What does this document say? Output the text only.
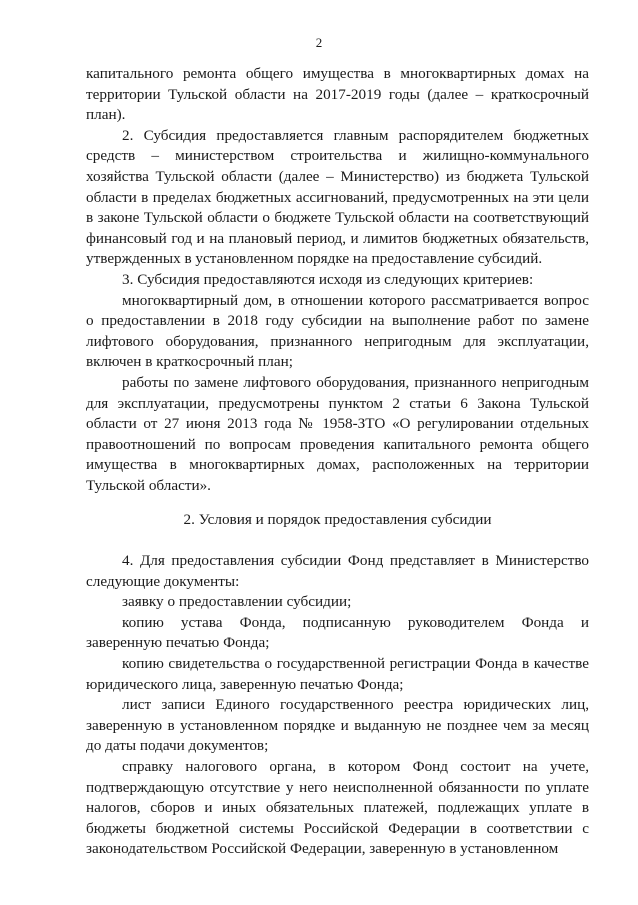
2

капитального ремонта общего имущества в многоквартирных домах на территории Тульской области на 2017-2019 годы (далее – краткосрочный план).

2. Субсидия предоставляется главным распорядителем бюджетных средств – министерством строительства и жилищно-коммунального хозяйства Тульской области (далее – Министерство) из бюджета Тульской области в пределах бюджетных ассигнований, предусмотренных на эти цели в законе Тульской области о бюджете Тульской области на соответствующий финансовый год и на плановый период, и лимитов бюджетных обязательств, утвержденных в установленном порядке на предоставление субсидий.

3. Субсидия предоставляются исходя из следующих критериев:

многоквартирный дом, в отношении которого рассматривается вопрос о предоставлении в 2018 году субсидии на выполнение работ по замене лифтового оборудования, признанного непригодным для эксплуатации, включен в краткосрочный план;

работы по замене лифтового оборудования, признанного непригодным для эксплуатации, предусмотрены пунктом 2 статьи 6 Закона Тульской области от 27 июня 2013 года № 1958-ЗТО «О регулировании отдельных правоотношений по вопросам проведения капитального ремонта общего имущества в многоквартирных домах, расположенных на территории Тульской области».

2. Условия и порядок предоставления субсидии

4. Для предоставления субсидии Фонд представляет в Министерство следующие документы:

заявку о предоставлении субсидии;

копию устава Фонда, подписанную руководителем Фонда и заверенную печатью Фонда;

копию свидетельства о государственной регистрации Фонда в качестве юридического лица, заверенную печатью Фонда;

лист записи Единого государственного реестра юридических лиц, заверенную в установленном порядке и выданную не позднее чем за месяц до даты подачи документов;

справку налогового органа, в котором Фонд состоит на учете, подтверждающую отсутствие у него неисполненной обязанности по уплате налогов, сборов и иных обязательных платежей, подлежащих уплате в бюджеты бюджетной системы Российской Федерации в соответствии с законодательством Российской Федерации, заверенную в установленном
